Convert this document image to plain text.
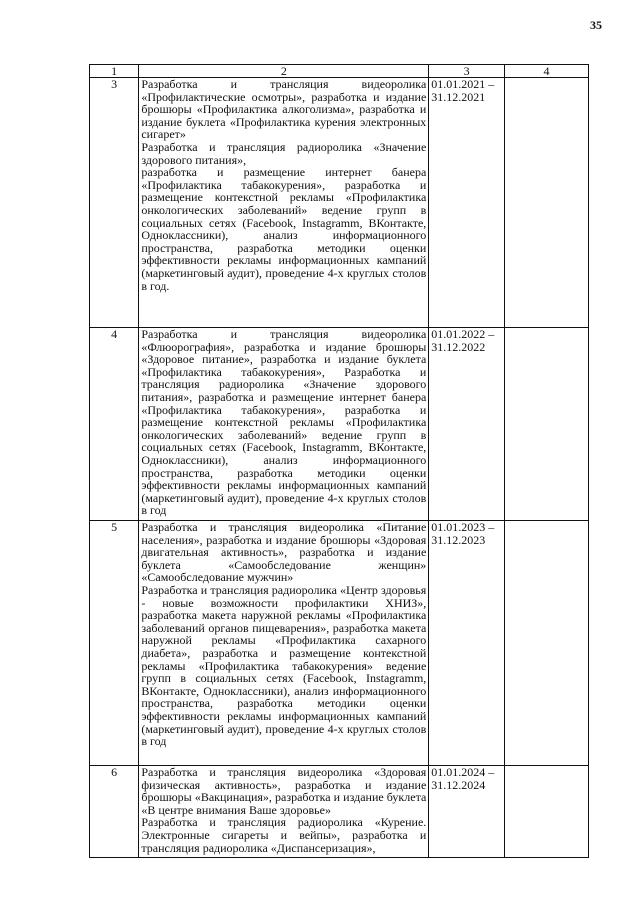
35
1	2	3	4
3	Разработка и трансляция видеоролика «Профилактические осмотры», разработка и издание брошюры «Профилактика алкоголизма», разработка и издание буклета «Профилактика курения электронных сигарет»
Разработка и трансляция радиоролика «Значение здорового питания»,
разработка и размещение интернет банера «Профилактика табакокурения», разработка и размещение контекстной рекламы «Профилактика онкологических заболеваний» ведение групп в социальных сетях (Facebook, Instagramm, ВКонтакте, Одноклассники), анализ информационного пространства, разработка методики оценки эффективности рекламы информационных кампаний (маркетинговый аудит), проведение 4-х круглых столов в год.	01.01.2021 –
31.12.2021	

4	Разработка и трансляция видеоролика «Флюорография», разработка и издание брошюры «Здоровое питание», разработка и издание буклета «Профилактика табакокурения», Разработка и трансляция радиоролика «Значение здорового питания», разработка и размещение интернет банера «Профилактика табакокурения», разработка и размещение контекстной рекламы «Профилактика онкологических заболеваний» ведение групп в социальных сетях (Facebook, Instagramm, ВКонтакте, Одноклассники), анализ информационного пространства, разработка методики оценки эффективности рекламы информационных кампаний (маркетинговый аудит), проведение 4-х круглых столов в год	01.01.2022 –
31.12.2022	

5	Разработка и трансляция видеоролика «Питание населения», разработка и издание брошюры «Здоровая двигательная активность», разработка и издание буклета «Самообследование женщин» «Самообследование мужчин»
Разработка и трансляция радиоролика «Центр здоровья - новые возможности профилактики ХНИЗ», разработка макета наружной рекламы «Профилактика заболеваний органов пищеварения», разработка макета наружной рекламы «Профилактика сахарного диабета», разработка и размещение контекстной рекламы «Профилактика табакокурения» ведение групп в социальных сетях (Facebook, Instagramm, ВКонтакте, Одноклассники), анализ информационного пространства, разработка методики оценки эффективности рекламы информационных кампаний (маркетинговый аудит), проведение 4-х круглых столов в год	01.01.2023 –
31.12.2023	

6	Разработка и трансляция видеоролика «Здоровая физическая активность», разработка и издание брошюры «Вакцинация», разработка и издание буклета «В центре внимания Ваше здоровье»
Разработка и трансляция радиоролика «Курение. Электронные сигареты и вейпы», разработка и трансляция радиоролика «Диспансеризация»,	01.01.2024 –
31.12.2024	
